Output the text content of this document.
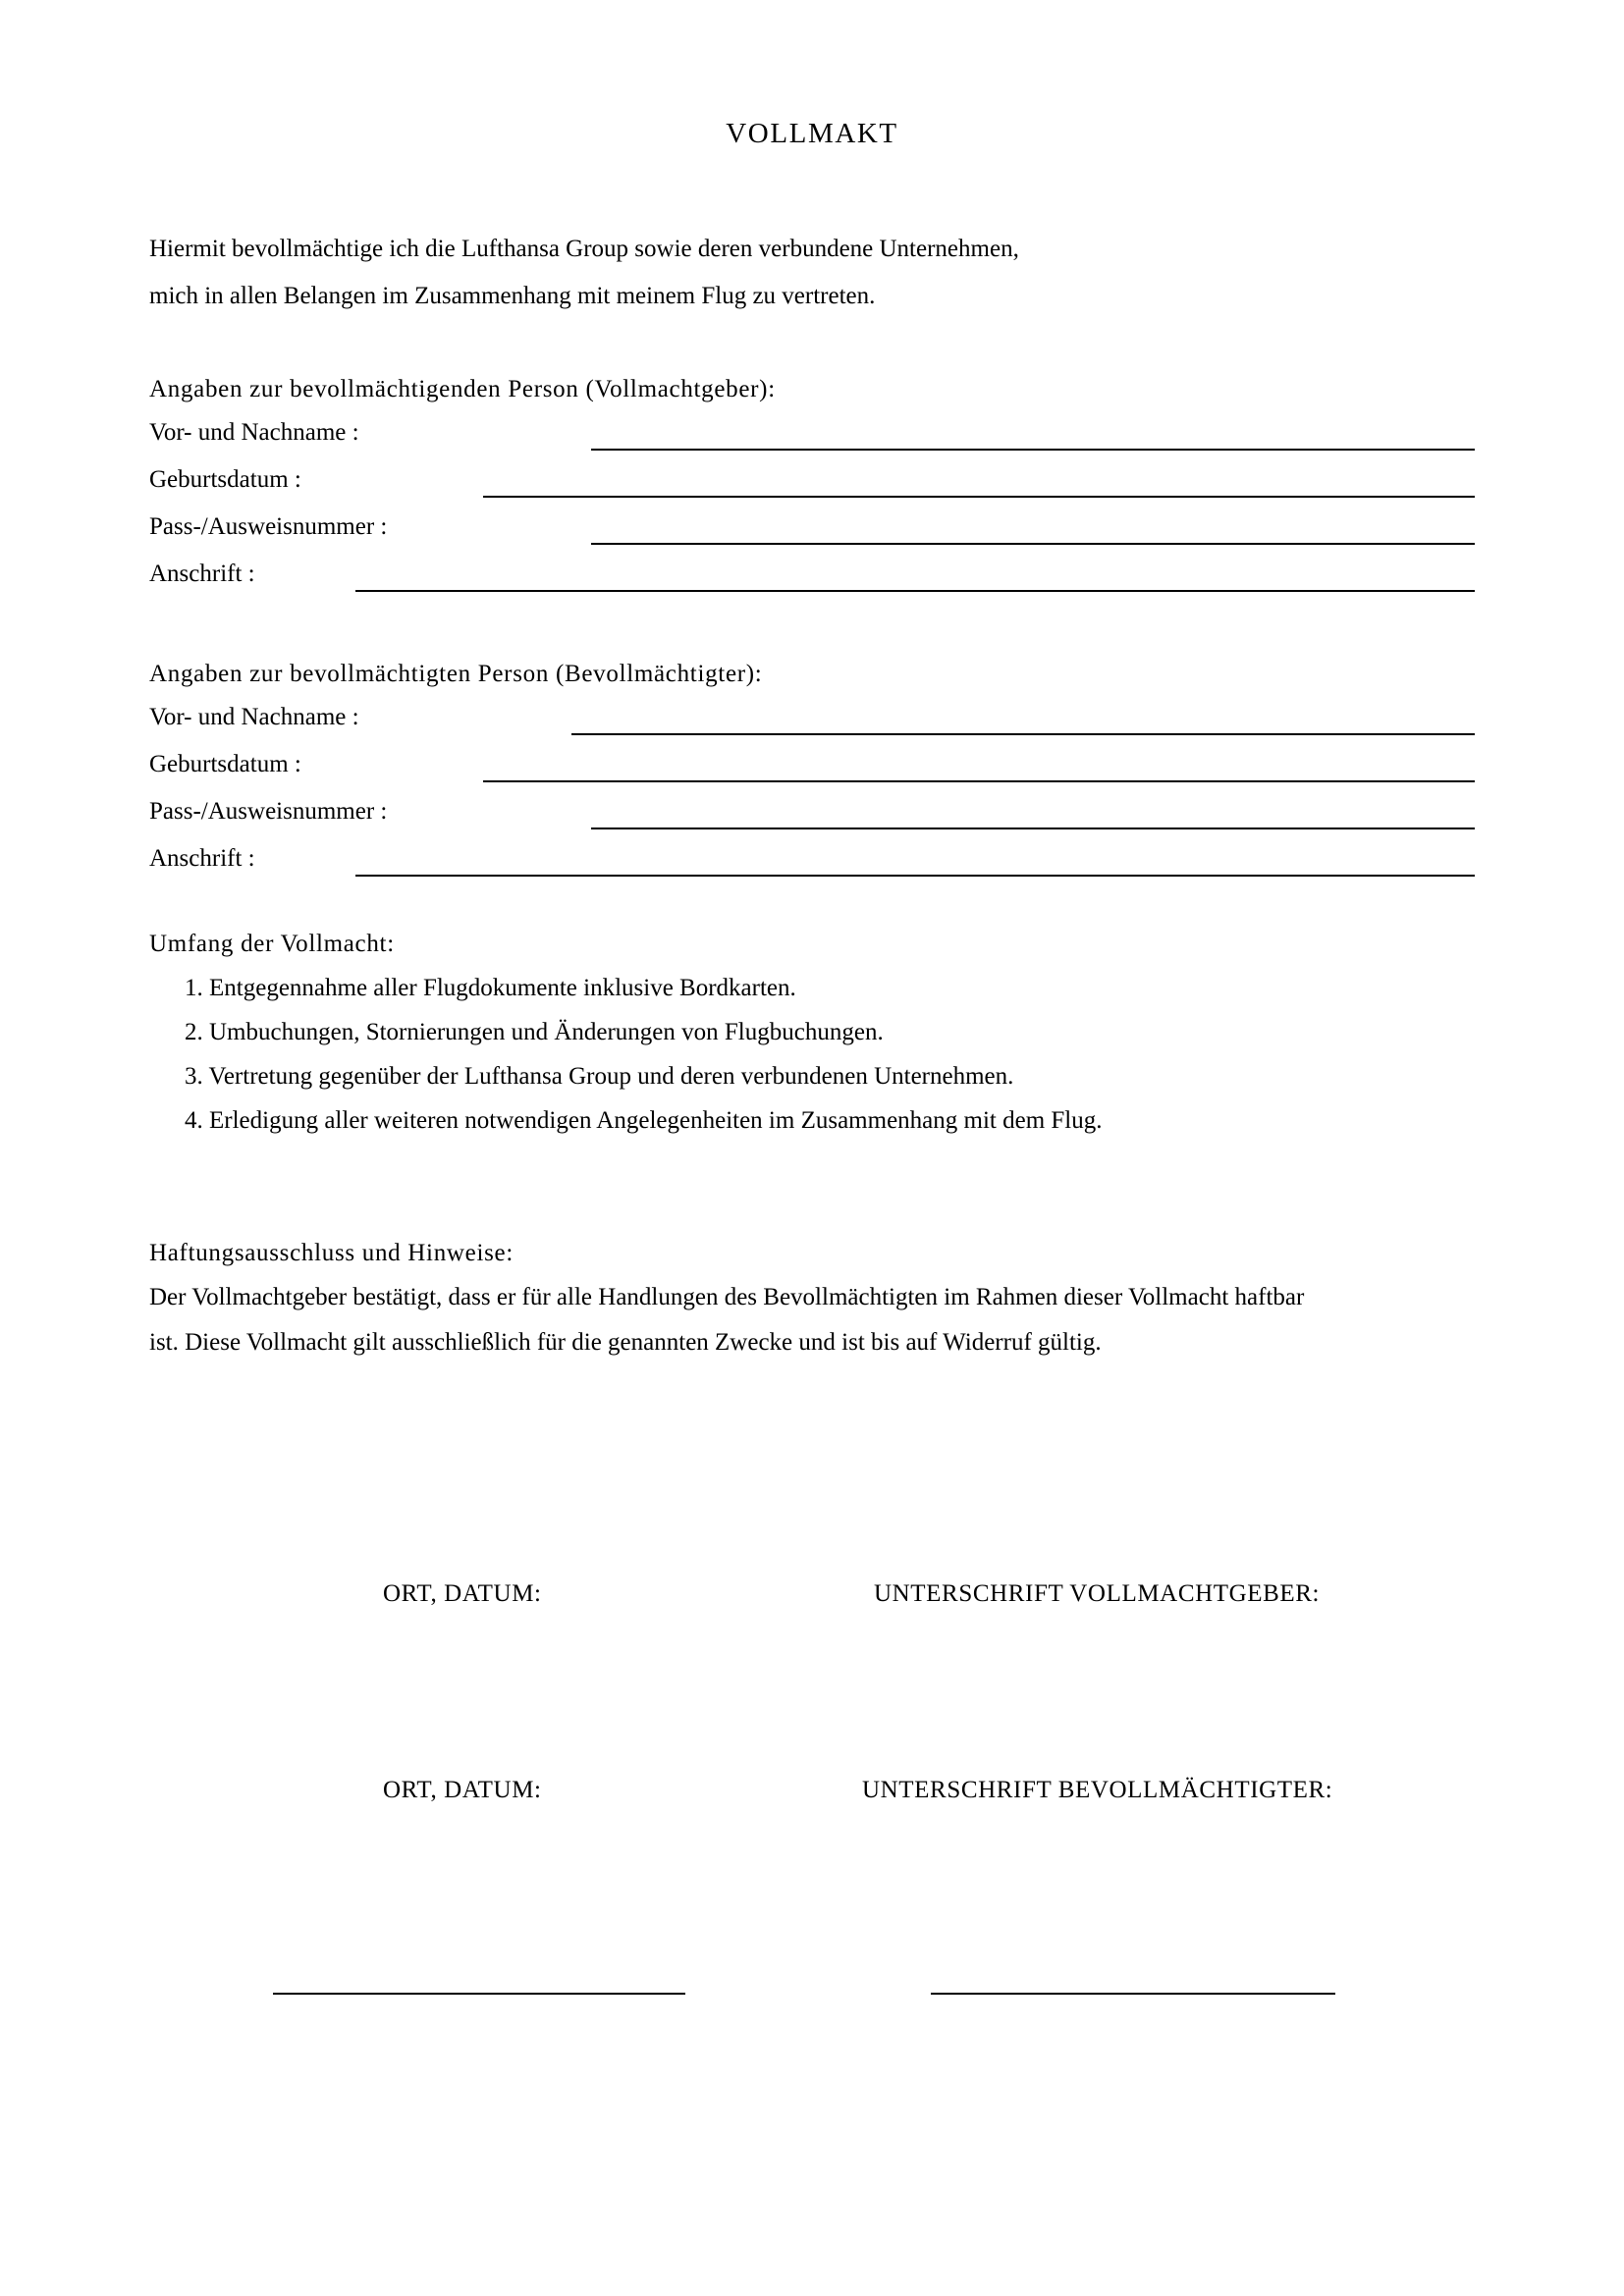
VOLLMAKT
Hiermit bevollmächtige ich die Lufthansa Group sowie deren verbundene Unternehmen,
mich in allen Belangen im Zusammenhang mit meinem Flug zu vertreten.
Angaben zur bevollmächtigenden Person (Vollmachtgeber):
Vor- und Nachname :
Geburtsdatum :
Pass-/Ausweisnummer :
Anschrift :
Angaben zur bevollmächtigten Person (Bevollmächtigter):
Vor- und Nachname :
Geburtsdatum :
Pass-/Ausweisnummer :
Anschrift :
Umfang der Vollmacht:
1. Entgegennahme aller Flugdokumente inklusive Bordkarten.
2. Umbuchungen, Stornierungen und Änderungen von Flugbuchungen.
3. Vertretung gegenüber der Lufthansa Group und deren verbundenen Unternehmen.
4. Erledigung aller weiteren notwendigen Angelegenheiten im Zusammenhang mit dem Flug.
Haftungsausschluss und Hinweise:
Der Vollmachtgeber bestätigt, dass er für alle Handlungen des Bevollmächtigten im Rahmen dieser Vollmacht haftbar
ist. Diese Vollmacht gilt ausschließlich für die genannten Zwecke und ist bis auf Widerruf gültig.
ORT, DATUM:	UNTERSCHRIFT VOLLMACHTGEBER:
ORT, DATUM:	UNTERSCHRIFT BEVOLLMÄCHTIGTER:
